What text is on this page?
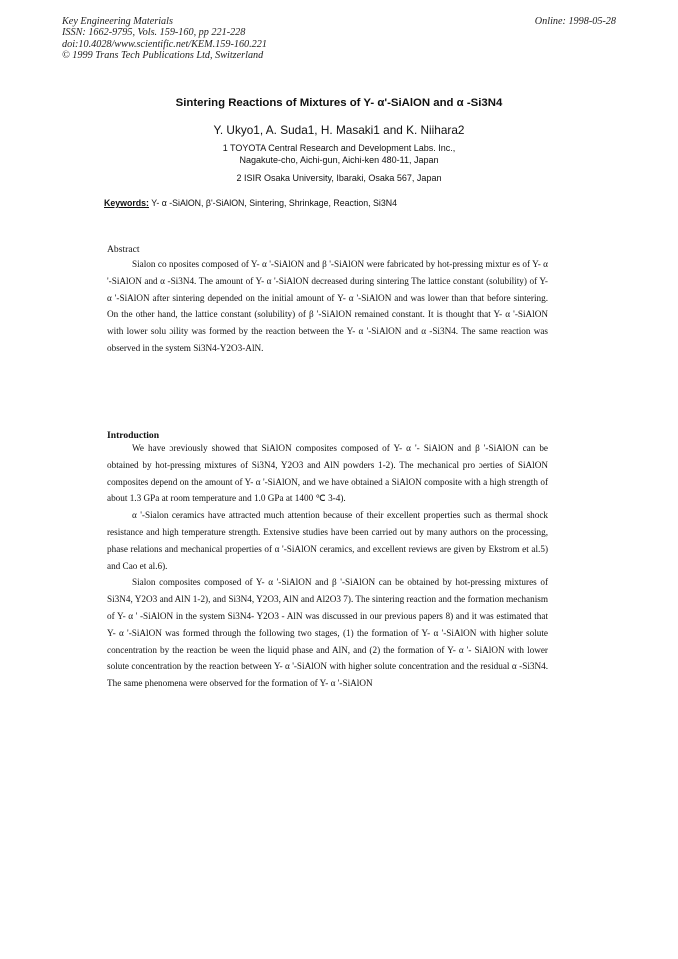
Key Engineering Materials
ISSN: 1662-9795, Vols. 159-160, pp 221-228
doi:10.4028/www.scientific.net/KEM.159-160.221
© 1999 Trans Tech Publications Ltd, Switzerland
Online: 1998-05-28
Sintering Reactions of Mixtures of Y- α'-SiAlON and α -Si3N4
Y. Ukyo1, A. Suda1, H. Masaki1 and K. Niihara2
1 TOYOTA Central Research and Development Labs. Inc.,
Nagakute-cho, Aichi-gun, Aichi-ken 480-11, Japan
2 ISIR Osaka University, Ibaraki, Osaka 567, Japan
Keywords: Y- α -SiAlON, β'-SiAlON, Sintering, Shrinkage, Reaction, Si3N4
Abstract

Sialon co nposites composed of Y- α '-SiAlON and β '-SiAlON were fabricated by hot-pressing mixtur es of Y- α '-SiAlON and α -Si3N4. The amount of Y- α '-SiAlON decreased during sintering The lattice constant (solubility) of Y- α '-SiAlON after sintering depended on the initial amount of Y- α '-SiAlON and was lower than that before sintering. On the other hand, the lattice constant (solubility) of β '-SiAlON remained constant. It is thought that Y- α '-SiAlON with lower solu ɔility was formed by the reaction between the Y- α '-SiAlON and α -Si3N4. The same reaction was observed in the system Si3N4-Y2O3-AlN.

Introduction

We have ɔreviously showed that SiAlON composites composed of Y- α '- SiAlON and β '-SiAlON can be obtained by hot-pressing mixtures of Si3N4, Y2O3 and AlN powders 1-2). The mechanical pro ɔerties of SiAlON composites depend on the amount of Y- α '-SiAlON, and we have obtained a SiAlON composite with a high strength of about 1.3 GPa at room temperature and 1.0 GPa at 1400 ℃ 3-4).

α '-Sialon ceramics have attracted much attention because of their excellent properties such as thermal shock resistance and high temperature strength. Extensive studies have been carried out by many authors on the processing, phase relations and mechanical properties of α '-SiAlON ceramics, and excellent reviews are given by Ekstrom et al.5) and Cao et al.6).

Sialon composites composed of Y- α '-SiAlON and β '-SiAlON can be obtained by hot-pressing mixtures of Si3N4, Y2O3 and AlN 1-2), and Si3N4, Y2O3, AlN and Al2O3 7). The sintering reaction and the formation mechanism of Y- α ' -SiAlON in the system Si3N4- Y2O3 - AlN was discussed in our previous papers 8) and it was estimated that Y- α '-SiAlON was formed through the following two stages, (1) the formation of Y- α '-SiAlON with higher solute concentration by the reaction be ween the liquid phase and AlN, and (2) the formation of Y- α '- SiAlON with lower solute concentration by the reaction between Y- α '-SiAlON with higher solute concentration and the residual α -Si3N4. The same phenomena were observed for the formation of Y- α '-SiAlON
